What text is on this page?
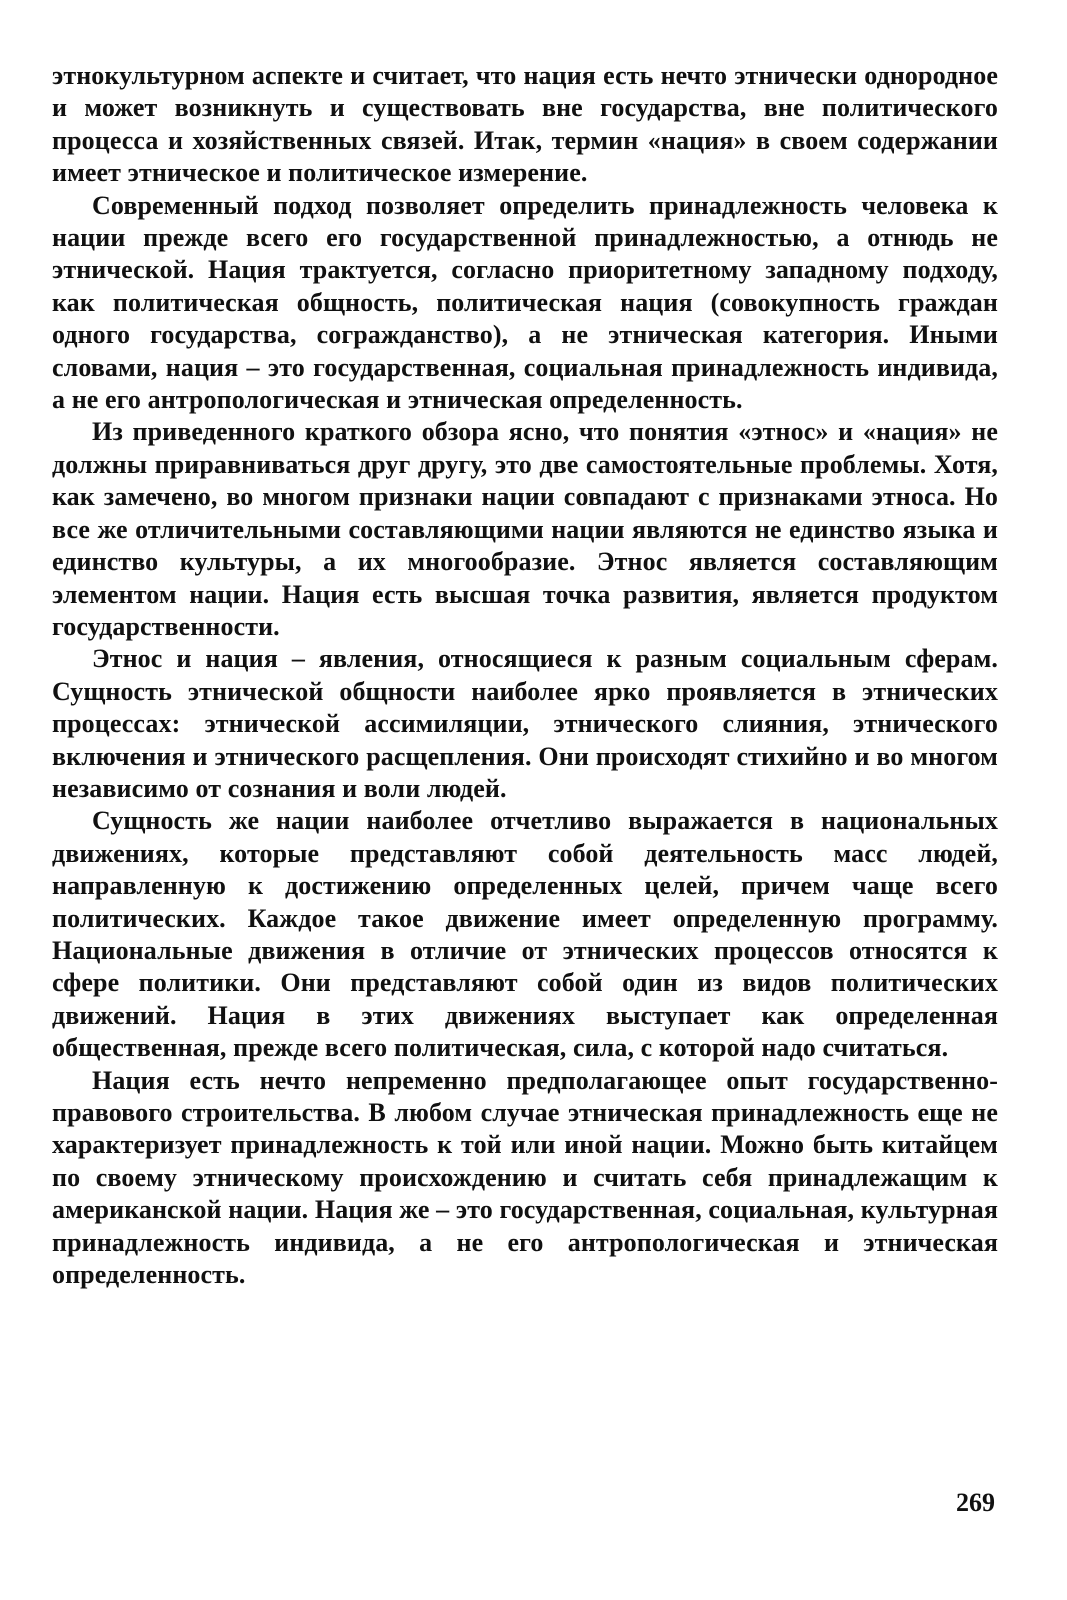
этнокультурном аспекте и считает, что нация есть нечто этнически однородное и может возникнуть и существовать вне государства, вне политического процесса и хозяйственных связей. Итак, термин «нация» в своем содержании имеет этническое и политическое измерение.

Современный подход позволяет определить принадлежность человека к нации прежде всего его государственной принадлежностью, а отнюдь не этнической. Нация трактуется, согласно приоритетному западному подходу, как политическая общность, политическая нация (совокупность граждан одного государства, согражданство), а не этническая категория. Иными словами, нация – это государственная, социальная принадлежность индивида, а не его антропологическая и этническая определенность.

Из приведенного краткого обзора ясно, что понятия «этнос» и «нация» не должны приравниваться друг другу, это две самостоятельные проблемы. Хотя, как замечено, во многом признаки нации совпадают с признаками этноса. Но все же отличительными составляющими нации являются не единство языка и единство культуры, а их многообразие. Этнос является составляющим элементом нации. Нация есть высшая точка развития, является продуктом государственности.

Этнос и нация – явления, относящиеся к разным социальным сферам. Сущность этнической общности наиболее ярко проявляется в этнических процессах: этнической ассимиляции, этнического слияния, этнического включения и этнического расщепления. Они происходят стихийно и во многом независимо от сознания и воли людей.

Сущность же нации наиболее отчетливо выражается в национальных движениях, которые представляют собой деятельность масс людей, направленную к достижению определенных целей, причем чаще всего политических. Каждое такое движение имеет определенную программу. Национальные движения в отличие от этнических процессов относятся к сфере политики. Они представляют собой один из видов политических движений. Нация в этих движениях выступает как определенная общественная, прежде всего политическая, сила, с которой надо считаться.

Нация есть нечто непременно предполагающее опыт государственно-правового строительства. В любом случае этническая принадлежность еще не характеризует принадлежность к той или иной нации. Можно быть китайцем по своему этническому происхождению и считать себя принадлежащим к американской нации. Нация же – это государственная, социальная, культурная принадлежность индивида, а не его антропологическая и этническая определенность.

269
